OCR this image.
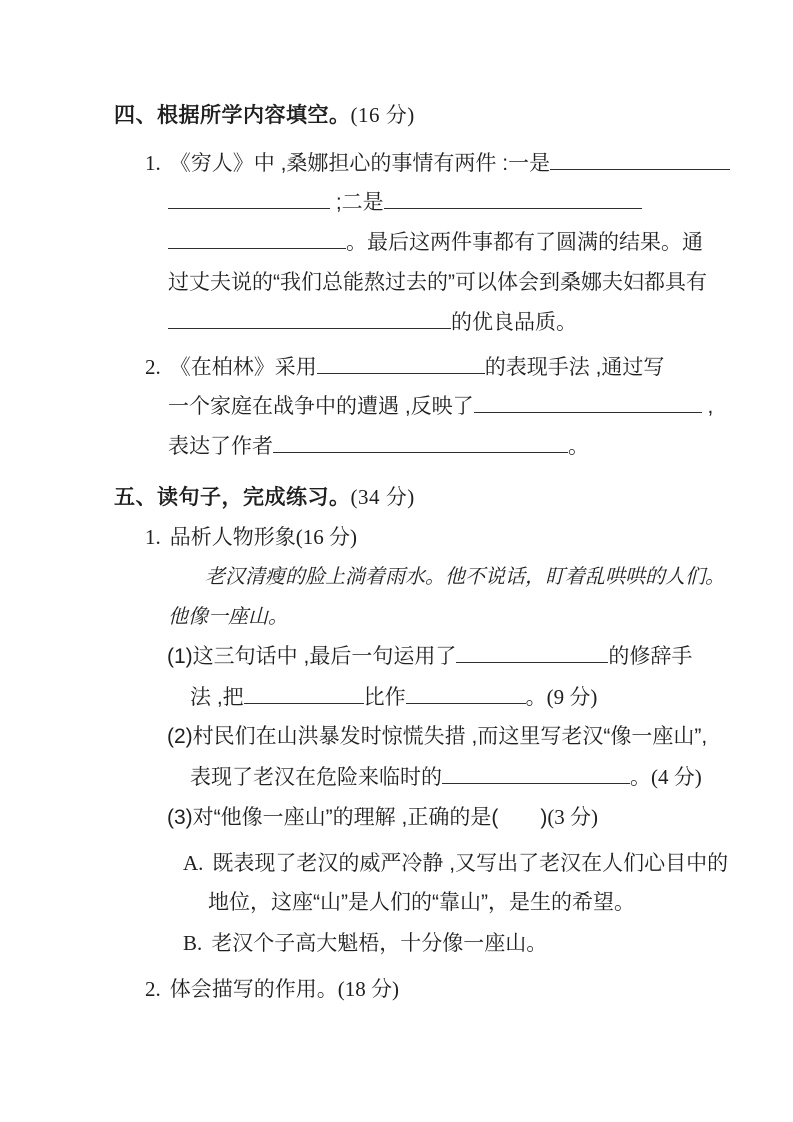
四、根据所学内容填空。(16 分)
1. 《穷人》中 ,桑娜担心的事情有两件 :一是
;二是
。最后这两件事都有了圆满的结果。通
过丈夫说的“我们总能熬过去的”可以体会到桑娜夫妇都具有
的优良品质。
2. 《在柏林》采用	的表现手法 ,通过写
一个家庭在战争中的遭遇 ,反映了	,
表达了作者	。
五、读句子，完成练习。(34 分)
1. 品析人物形象(16 分)
老汉清瘦的脸上淌着雨水。他不说话，盯着乱哄哄的人们。
他像一座山。
(1)这三句话中 ,最后一句运用了	的修辞手
法 ,把	比作	。(9 分)
(2)村民们在山洪暴发时惊慌失措 ,而这里写老汉“像一座山”,
表现了老汉在危险来临时的	。(4 分)
(3)对“他像一座山”的理解 ,正确的是(　　)(3 分)
A. 既表现了老汉的威严冷静 ,又写出了老汉在人们心目中的
地位，这座“山”是人们的“靠山”，是生的希望。
B. 老汉个子高大魁梧，十分像一座山。
2. 体会描写的作用。(18 分)
